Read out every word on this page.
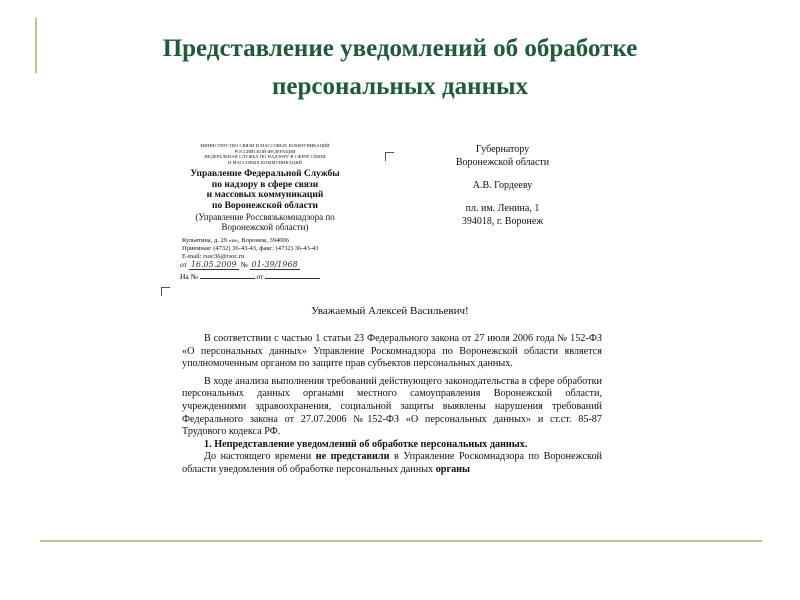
Представление уведомлений об обработке
персональных данных
МИНИСТЕРСТВО СВЯЗИ И МАССОВЫХ КОММУНИКАЦИЙ
РОССИЙСКОЙ ФЕДЕРАЦИИ
ФЕДЕРАЛЬНАЯ СЛУЖБА ПО НАДЗОРУ В СФЕРЕ СВЯЗИ
И МАССОВЫХ КОММУНИКАЦИЙ
Управление Федеральной Службы
по надзору в сфере связи
и массовых коммуникаций
по Воронежской области
(Управление Россвязькомнадзора по
Воронежской области)
Кульятина, д. 29 «а», Воронеж, 394006
Приемная: (4732) 36-43-43, факс: (4732) 36-43-43
E-mail: rsoc36@rsoc.ru
Губернатору
Воронежской области
А.В. Гордееву
пл. им. Ленина, 1
394018, г. Воронеж
от 16.05.2009 № 01-39/1968
На №	от
Уважаемый Алексей Васильевич!

В соответствии с частью 1 статьи 23 Федерального закона от 27 июля 2006 года № 152-ФЗ «О персональных данных» Управление Роскомнадзора по Воронежской области является уполномоченным органом по защите прав субъектов персональных данных.

В ходе анализа выполнения требований действующего законодательства в сфере обработки персональных данных органами местного самоуправления Воронежской области, учреждениями здравоохранения, социальной защиты выявлены нарушения требований Федерального закона от 27.07.2006 №152-ФЗ «О персональных данных» и ст.ст. 85-87 Трудового кодекса РФ.

1. Непредставление уведомлений об обработке персональных данных.

До настоящего времени не представили в Управление Роскомнадзора по Воронежской области уведомления об обработке персональных данных органы
